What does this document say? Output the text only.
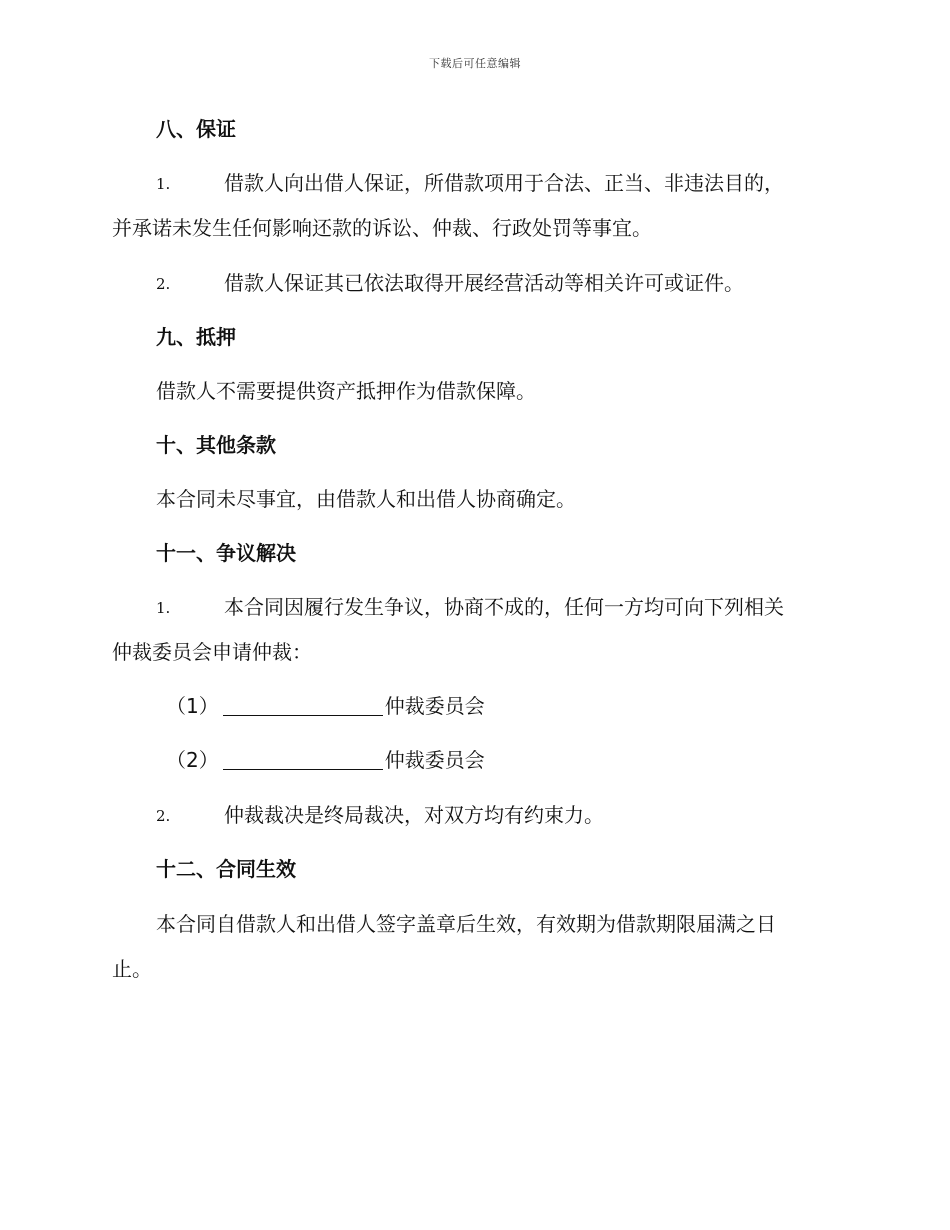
下载后可任意编辑
八、保证
1.	借款人向出借人保证，所借款项用于合法、正当、非违法目的，
并承诺未发生任何影响还款的诉讼、仲裁、行政处罚等事宜。
2.	借款人保证其已依法取得开展经营活动等相关许可或证件。
九、抵押
借款人不需要提供资产抵押作为借款保障。
十、其他条款
本合同未尽事宜，由借款人和出借人协商确定。
十一、争议解决
1.	本合同因履行发生争议，协商不成的，任何一方均可向下列相关
仲裁委员会申请仲裁：
（1）	仲裁委员会
（2）	仲裁委员会
2.	仲裁裁决是终局裁决，对双方均有约束力。
十二、合同生效
本合同自借款人和出借人签字盖章后生效，有效期为借款期限届满之日
止。
